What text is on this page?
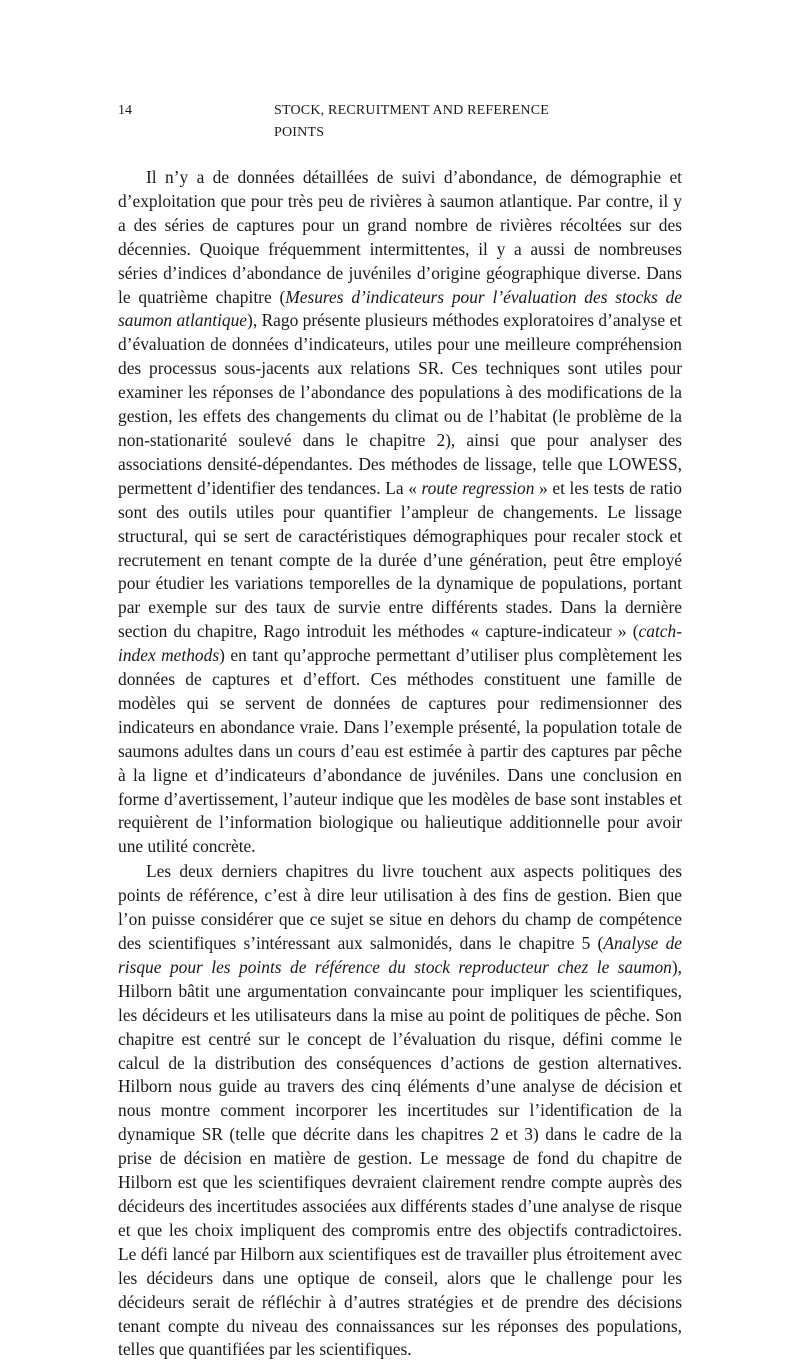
14	STOCK, RECRUITMENT AND REFERENCE POINTS

Il n’y a de données détaillées de suivi d’abondance, de démographie et d’exploitation que pour très peu de rivières à saumon atlantique. Par contre, il y a des séries de captures pour un grand nombre de rivières récoltées sur des décennies. Quoique fréquemment intermittentes, il y a aussi de nombreuses séries d’indices d’abondance de juvéniles d’origine géographique diverse. Dans le quatrième chapitre (Mesures d’indicateurs pour l’évaluation des stocks de saumon atlantique), Rago présente plusieurs méthodes exploratoires d’analyse et d’évaluation de données d’indicateurs, utiles pour une meilleure compréhension des processus sous-jacents aux relations SR. Ces techniques sont utiles pour examiner les réponses de l’abondance des populations à des modifications de la gestion, les effets des changements du climat ou de l’habitat (le problème de la non-stationarité soulevé dans le chapitre 2), ainsi que pour analyser des associations densité-dépendantes. Des méthodes de lissage, telle que LOWESS, permettent d’identifier des tendances. La « route regression » et les tests de ratio sont des outils utiles pour quantifier l’ampleur de changements. Le lissage structural, qui se sert de caractéristiques démographiques pour recaler stock et recrutement en tenant compte de la durée d’une génération, peut être employé pour étudier les variations temporelles de la dynamique de populations, portant par exemple sur des taux de survie entre différents stades. Dans la dernière section du chapitre, Rago introduit les méthodes « capture-indicateur » (catch-index methods) en tant qu’approche permettant d’utiliser plus complètement les données de captures et d’effort. Ces méthodes constituent une famille de modèles qui se servent de données de captures pour redimensionner des indicateurs en abondance vraie. Dans l’exemple présenté, la population totale de saumons adultes dans un cours d’eau est estimée à partir des captures par pêche à la ligne et d’indicateurs d’abondance de juvéniles. Dans une conclusion en forme d’avertissement, l’auteur indique que les modèles de base sont instables et requièrent de l’information biologique ou halieutique additionnelle pour avoir une utilité concrète.

Les deux derniers chapitres du livre touchent aux aspects politiques des points de référence, c’est à dire leur utilisation à des fins de gestion. Bien que l’on puisse considérer que ce sujet se situe en dehors du champ de compétence des scientifiques s’intéressant aux salmonidés, dans le chapitre 5 (Analyse de risque pour les points de référence du stock reproducteur chez le saumon), Hilborn bâtit une argumentation convaincante pour impliquer les scientifiques, les décideurs et les utilisateurs dans la mise au point de politiques de pêche. Son chapitre est centré sur le concept de l’évaluation du risque, défini comme le calcul de la distribution des conséquences d’actions de gestion alternatives. Hilborn nous guide au travers des cinq éléments d’une analyse de décision et nous montre comment incorporer les incertitudes sur l’identification de la dynamique SR (telle que décrite dans les chapitres 2 et 3) dans le cadre de la prise de décision en matière de gestion. Le message de fond du chapitre de Hilborn est que les scientifiques devraient clairement rendre compte auprès des décideurs des incertitudes associées aux différents stades d’une analyse de risque et que les choix impliquent des compromis entre des objectifs contradictoires. Le défi lancé par Hilborn aux scientifiques est de travailler plus étroitement avec les décideurs dans une optique de conseil, alors que le challenge pour les décideurs serait de réfléchir à d’autres stratégies et de prendre des décisions tenant compte du niveau des connaissances sur les réponses des populations, telles que quantifiées par les scientifiques.
